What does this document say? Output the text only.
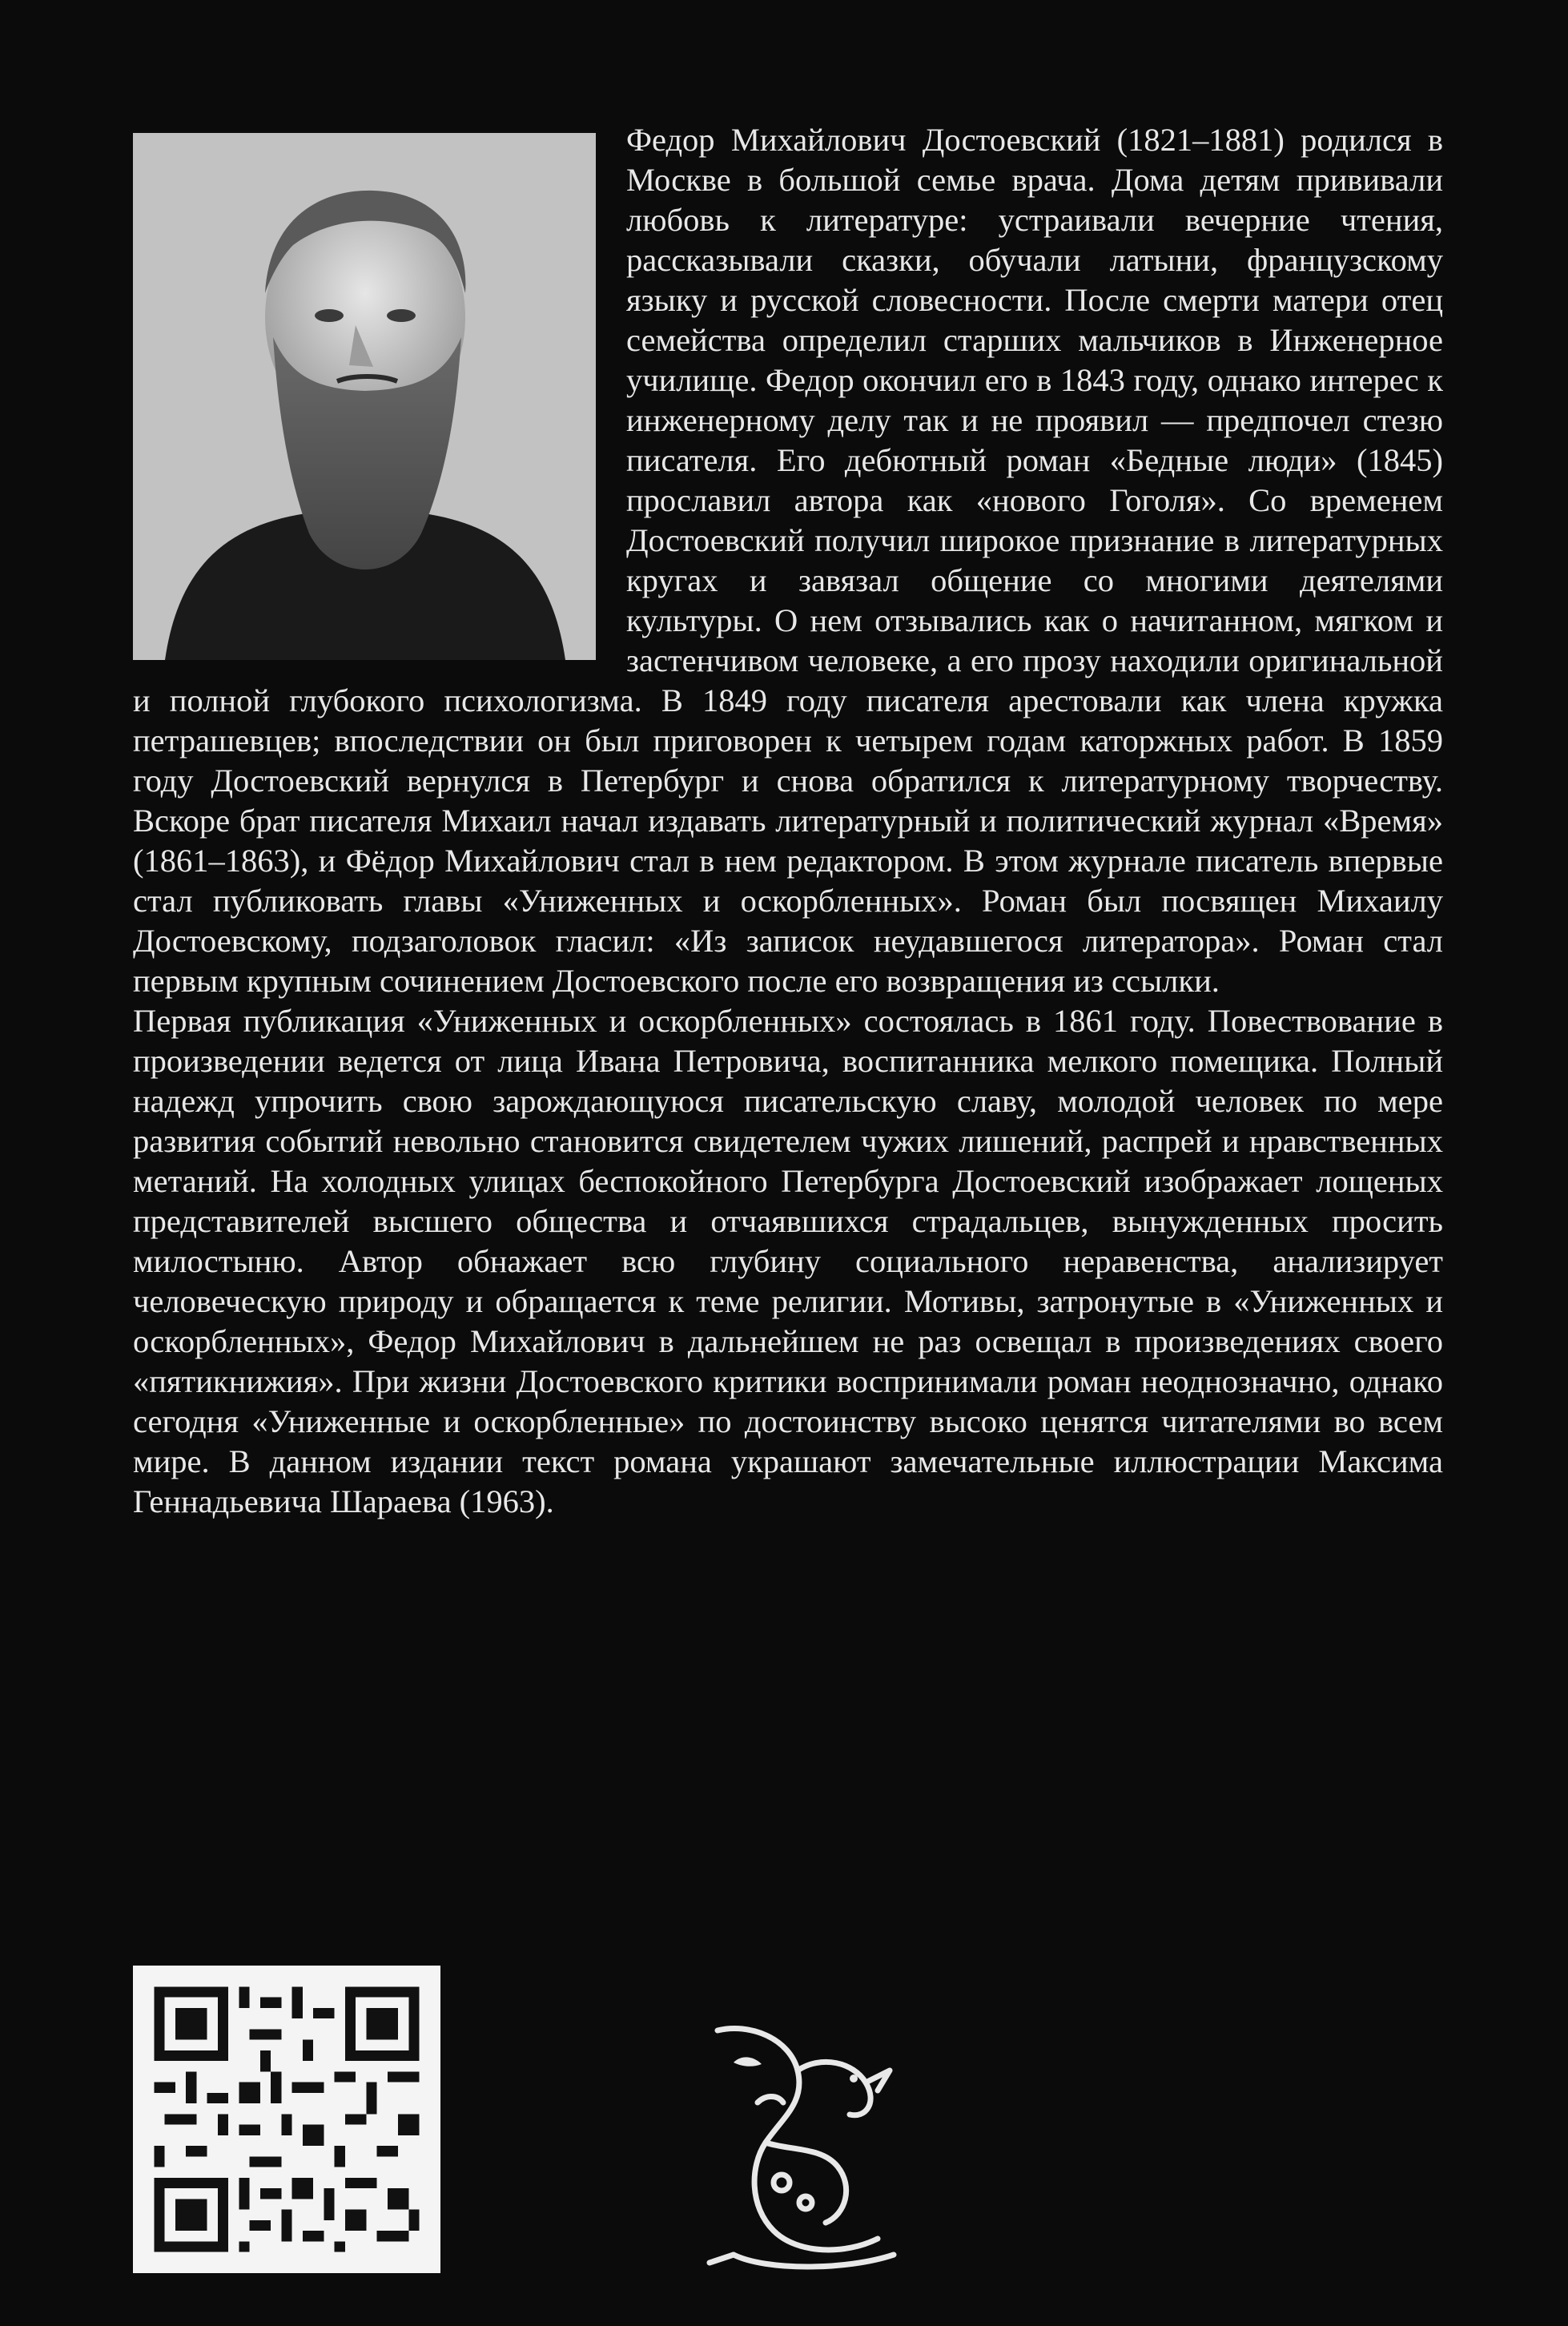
Федор Михайлович Достоевский (1821–1881) родился в Москве в большой семье врача. Дома детям прививали любовь к литературе: устраивали вечерние чтения, рассказывали сказки, обучали латыни, французскому языку и русской словесности. После смерти матери отец семейства определил старших мальчиков в Инженерное училище. Федор окончил его в 1843 году, однако интерес к инженерному делу так и не проявил — предпочел стезю писателя. Его дебютный роман «Бедные люди» (1845) прославил автора как «нового Гоголя». Со временем Достоевский получил широкое признание в литературных кругах и завязал общение со многими деятелями культуры. О нем отзывались как о начитанном, мягком и застенчивом человеке, а его прозу находили оригинальной и полной глубокого психологизма. В 1849 году писателя арестовали как члена кружка петрашевцев; впоследствии он был приговорен к четырем годам каторжных работ. В 1859 году Достоевский вернулся в Петербург и снова обратился к литературному творчеству. Вскоре брат писателя Михаил начал издавать литературный и политический журнал «Время» (1861–1863), и Фёдор Михайлович стал в нем редактором. В этом журнале писатель впервые стал публиковать главы «Униженных и оскорбленных». Роман был посвящен Михаилу Достоевскому, подзаголовок гласил: «Из записок неудавшегося литератора». Роман стал первым крупным сочинением Достоевского после его возвращения из ссылки.

Первая публикация «Униженных и оскорбленных» состоялась в 1861 году. Повествование в произведении ведется от лица Ивана Петровича, воспитанника мелкого помещика. Полный надежд упрочить свою зарождающуюся писательскую славу, молодой человек по мере развития событий невольно становится свидетелем чужих лишений, распрей и нравственных метаний. На холодных улицах беспокойного Петербурга Достоевский изображает лощеных представителей высшего общества и отчаявшихся страдальцев, вынужденных просить милостыню. Автор обнажает всю глубину социального неравенства, анализирует человеческую природу и обращается к теме религии. Мотивы, затронутые в «Униженных и оскорбленных», Федор Михайлович в дальнейшем не раз освещал в произведениях своего «пятикнижия». При жизни Достоевского критики воспринимали роман неоднозначно, однако сегодня «Униженные и оскорбленные» по достоинству высоко ценятся читателями во всем мире. В данном издании текст романа украшают замечательные иллюстрации Максима Геннадьевича Шараева (1963).
